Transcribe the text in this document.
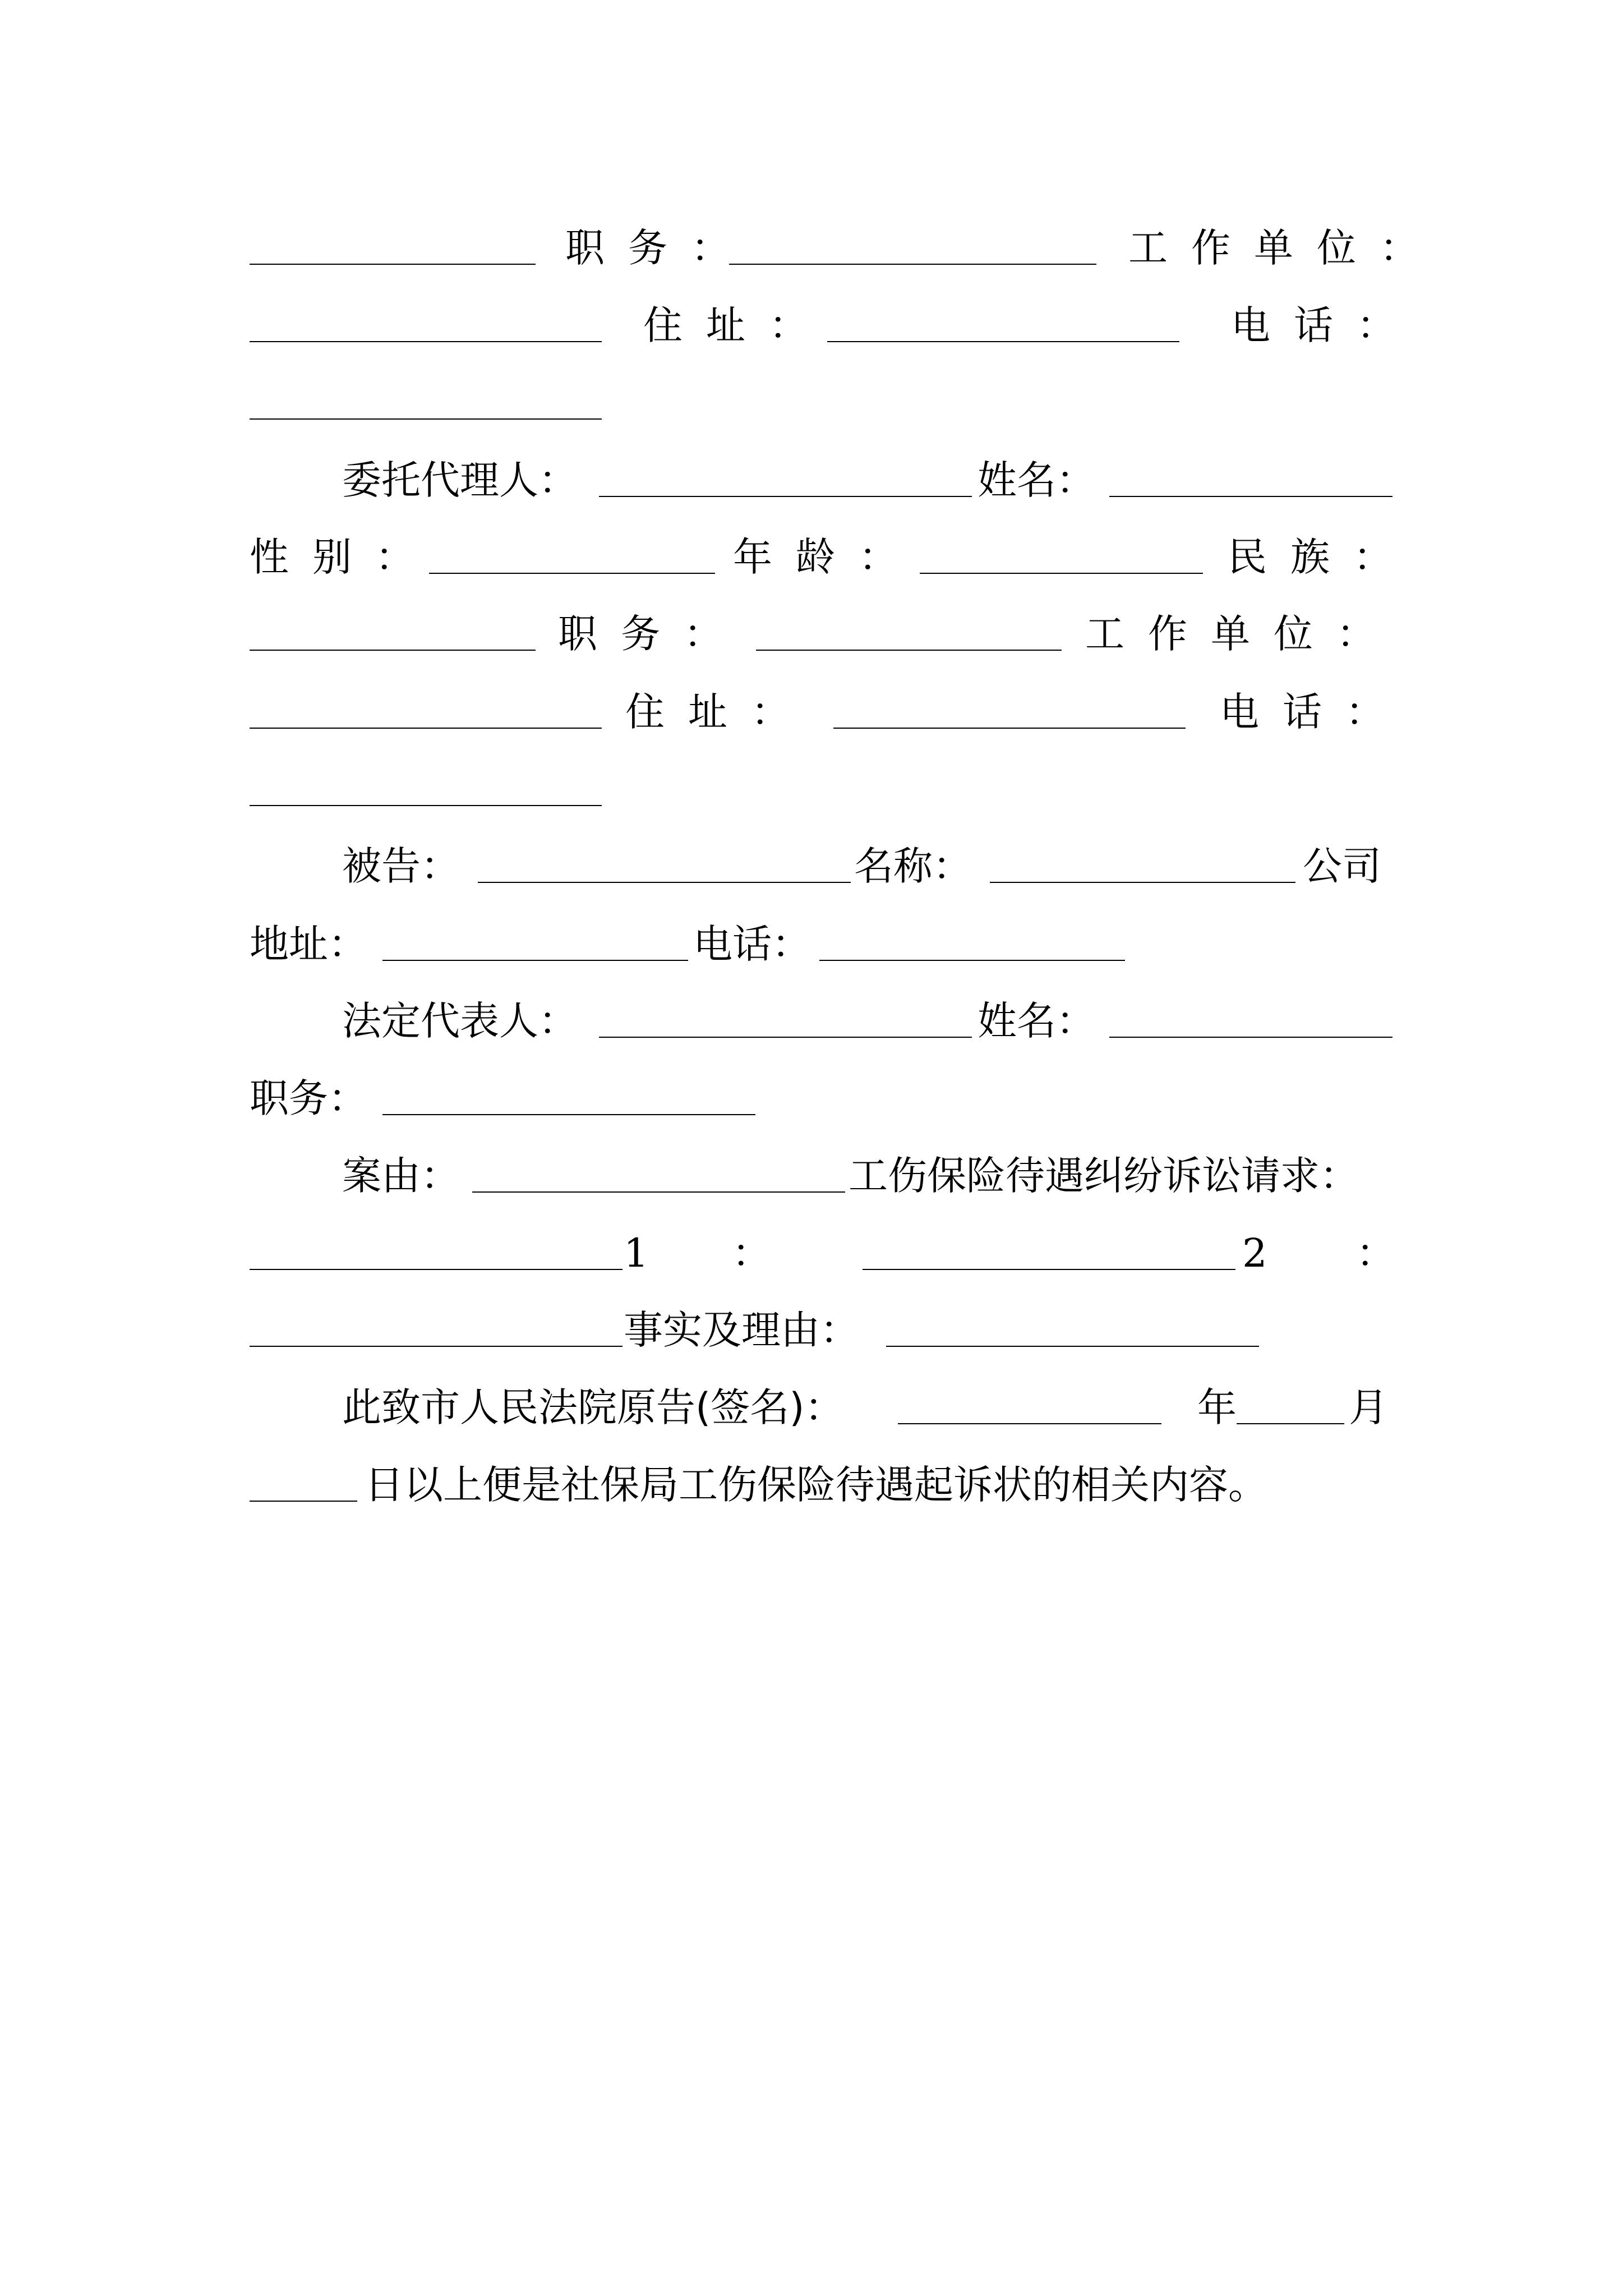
职务：	工作单位：
住址：	电话：
委托代理人：	姓名：
性别：	年龄：	民族：
职务：	工作单位：
住址：	电话：
被告：	名称：	公司
地址：	电话：
法定代表人：	姓名：
职务：
案由：	工伤保险待遇纠纷诉讼请求：
1 ：	2 ：
事实及理由：
此致市人民法院原告(签名)：	年	月
日以上便是社保局工伤保险待遇起诉状的相关内容。
